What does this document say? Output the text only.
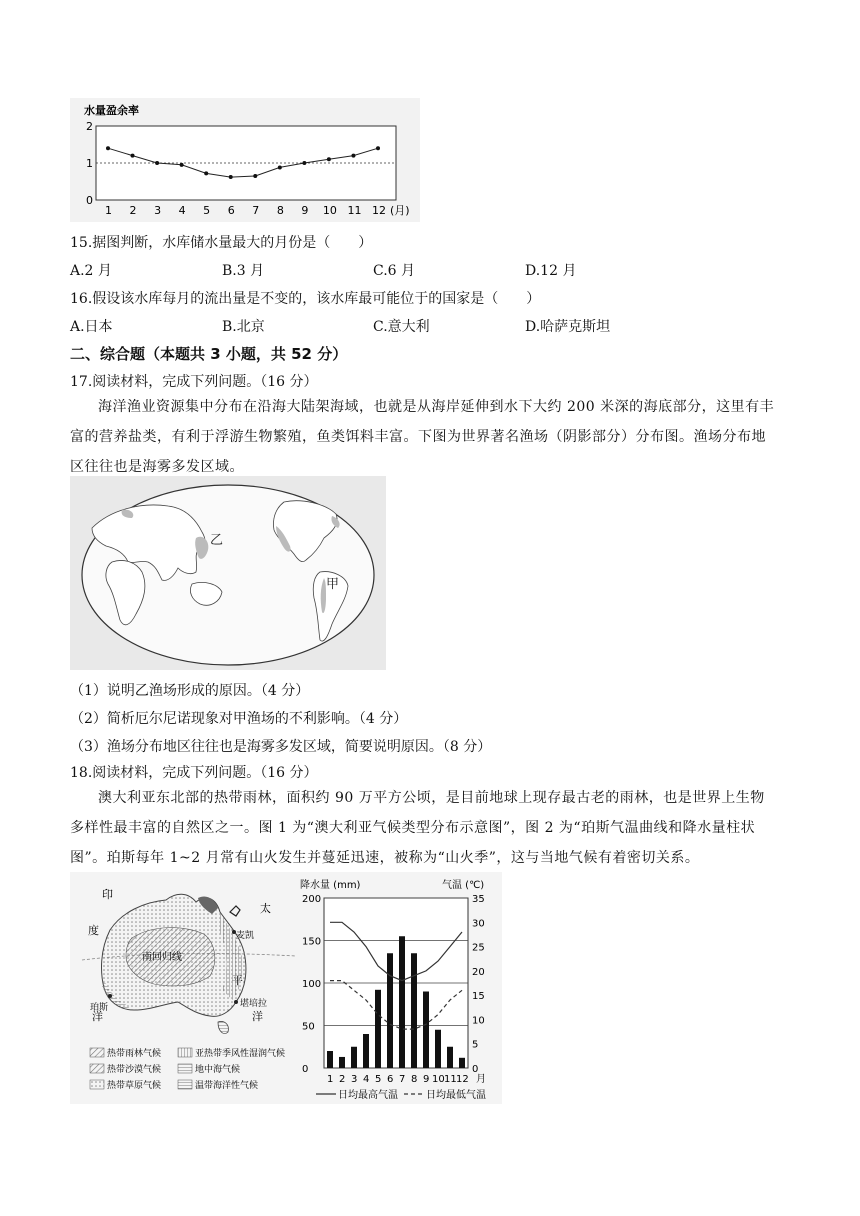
水量盈余率
0
1
2
1 2 3 4 5 6 7 8 9 10 11 12 (月)
15.据图判断，水库储水量最大的月份是（　　）
A.2 月	B.3 月	C.6 月	D.12 月
16.假设该水库每月的流出量是不变的，该水库最可能位于的国家是（　　）
A.日本	B.北京	C.意大利	D.哈萨克斯坦
二、综合题（本题共 3 小题，共 52 分）
17.阅读材料，完成下列问题。（16 分）
海洋渔业资源集中分布在沿海大陆架海域，也就是从海岸延伸到水下大约 200 米深的海底部分，这里有丰
富的营养盐类，有利于浮游生物繁殖，鱼类饵料丰富。下图为世界著名渔场（阴影部分）分布图。渔场分布地
区往往也是海雾多发区域。
乙
甲
（1）说明乙渔场形成的原因。（4 分）
（2）简析厄尔尼诺现象对甲渔场的不利影响。（4 分）
（3）渔场分布地区往往也是海雾多发区域，简要说明原因。（8 分）
18.阅读材料，完成下列问题。（16 分）
澳大利亚东北部的热带雨林，面积约 90 万平方公顷，是目前地球上现存最古老的雨林，也是世界上生物
多样性最丰富的自然区之一。图 1 为“澳大利亚气候类型分布示意图”，图 2 为“珀斯气温曲线和降水量柱状
图”。珀斯每年 1~2 月常有山火发生并蔓延迅速，被称为“山火季”，这与当地气候有着密切关系。
印
度
洋
太
洋
南回归线
麦凯
珀斯	堪培拉
热带雨林气候	亚热带季风性湿润气候
热带沙漠气候	地中海气候
热带草原气候	温带海洋性气候
0
50
100
150
200
0
5
10
15
20
25
30
35
1 2 3 4 5 6 7 8 9 10 11 12
降水量 (mm)	气温 (℃)
月
日均最高气温	日均最低气温
